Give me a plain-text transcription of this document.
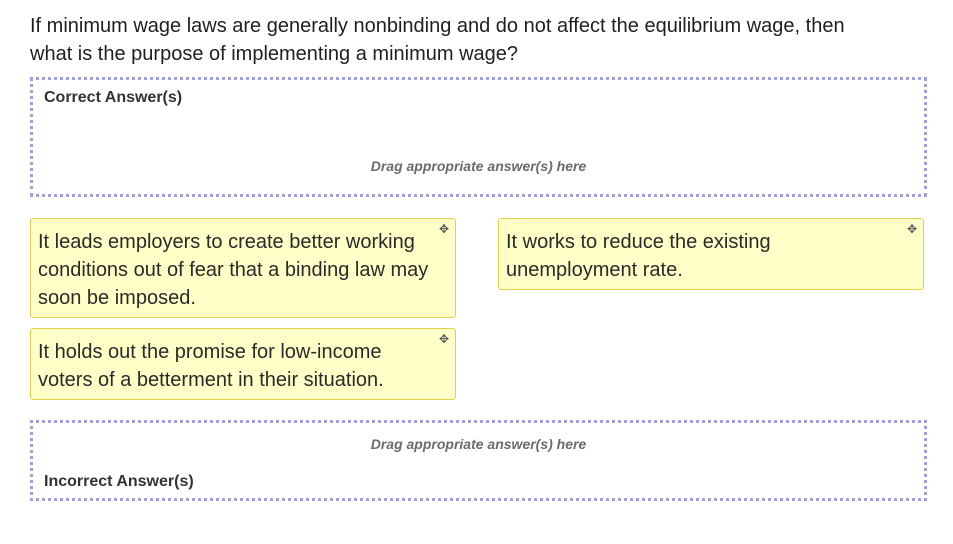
If minimum wage laws are generally nonbinding and do not affect the equilibrium wage, then
what is the purpose of implementing a minimum wage?
Correct Answer(s)
Drag appropriate answer(s) here
It leads employers to create better working
conditions out of fear that a binding law may
soon be imposed.
✥
It works to reduce the existing
unemployment rate.
✥
It holds out the promise for low-income
voters of a betterment in their situation.
✥
Drag appropriate answer(s) here
Incorrect Answer(s)
